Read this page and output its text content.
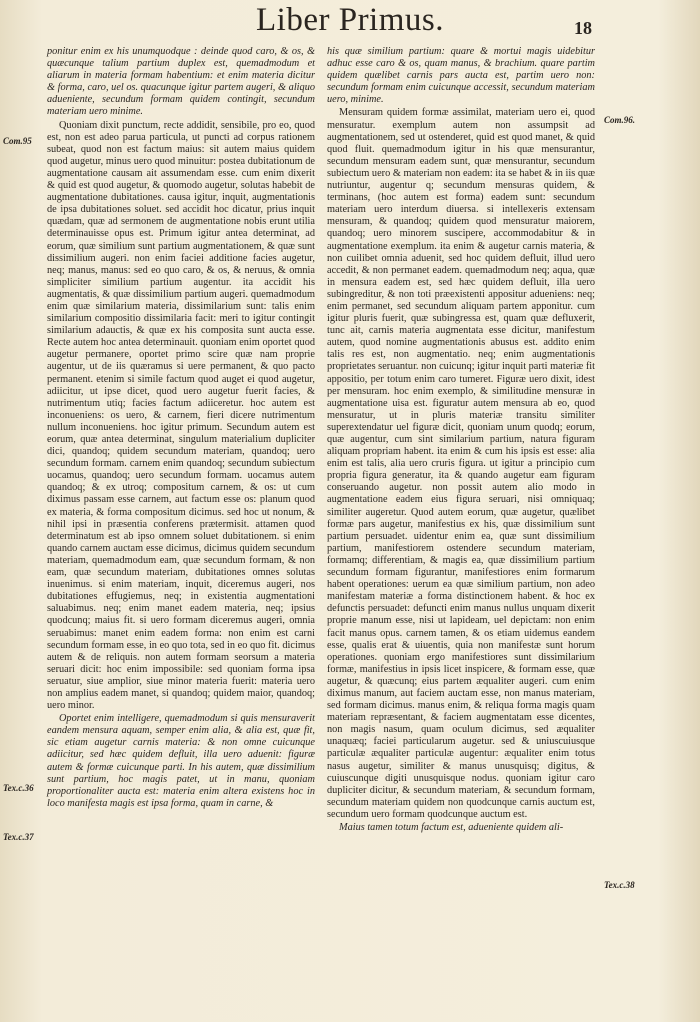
Liber Primus.	18
Com.95
Com.96.
Tex.c.36
Tex.c.37
Tex.c.38

ponitur enim ex his unumquodque : deinde quod caro, & os, & quæcunque talium partium duplex est, quemadmodum et aliarum in materia formam habentium: et enim materia dicitur & forma, caro, uel os. quacunque igitur partem augeri, & aliquo adueniente, secundum formam quidem contingit, secundum materiam uero minime.

Quoniam dixit punctum, recte addidit, sensibile, pro eo, quod est, non est adeo parua particula, ut puncti ad corpus rationem subeat, quod non est factum maius: sit autem maius quidem quod augetur, minus uero quod minuitur: postea dubitationum de augmentatione causam ait assumendam esse. cum enim dixerit & quid est quod augetur, & quomodo augetur, solutas habebit de augmentatione dubitationes. causa igitur, inquit, augmentationis de ipsa dubitationes soluet. sed accidit hoc dicatur, prius inquit quædam, quæ ad sermonem de augmentatione nobis erunt utilia determinauisse opus est. Primum igitur antea determinat, ad eorum, quæ similium sunt partium augmentationem, & quæ sunt dissimilium augeri. non enim faciei additione facies augetur, neq; manus, manus: sed eo quo caro, & os, & neruus, & omnia simpliciter similium partium augentur. ita accidit his augmentatis, & quæ dissimilium partium augeri. quemadmodum enim quæ similarium materia, dissimilarium sunt: talis enim similarium compositio dissimilaria facit: meri to igitur contingit similarium adauctis, & quæ ex his composita sunt aucta esse. Recte autem hoc antea determinauit. quoniam enim oportet quod augetur permanere, oportet primo scire quæ nam proprie augentur, ut de iis quæramus si uere permanent, & quo pacto permanent. etenim si simile factum quod auget ei quod augetur, adiicitur, ut ipse dicet, quod uero augetur fuerit facies, & nutrimentum utiq; facies factum adiiceretur. hoc autem est inconueniens: os uero, & carnem, fieri dicere nutrimentum nullum inconueniens. hoc igitur primum. Secundum autem est eorum, quæ antea determinat, singulum materialium dupliciter dici, quandoq; quidem secundum materiam, quandoq; uero secundum formam. carnem enim quandoq; secundum subiectum uocamus, quandoq; uero secundum formam. uocamus autem quandoq; & ex utroq; compositum carnem, & os: ut cum diximus passam esse carnem, aut factum esse os: planum quod ex materia, & forma compositum dicimus. sed hoc ut nonum, & nihil ipsi in præsentia conferens prætermisit. attamen quod determinatum est ab ipso omnem soluet dubitationem. si enim quando carnem auctam esse dicimus, dicimus quidem secundum materiam, quemadmodum eam, quæ secundum formam, & non eam, quæ secundum materiam, dubitationes omnes solutas inuenimus. si enim materiam, inquit, diceremus augeri, nos dubitationes effugiemus, neq; in existentia augmentationi saluabimus. neq; enim manet eadem materia, neq; ipsius quodcunq; maius fit. si uero formam diceremus augeri, omnia seruabimus: manet enim eadem forma: non enim est carni secundum formam esse, in eo quo tota, sed in eo quo fit. dicimus autem & de reliquis. non autem formam seorsum a materia seruari dicit: hoc enim impossibile: sed quoniam forma ipsa seruatur, siue amplior, siue minor materia fuerit: materia uero non amplius eadem manet, si quandoq; quidem maior, quandoq; uero minor.

Oportet enim intelligere, quemadmodum si quis mensuraverit eandem mensura aquam, semper enim alia, & alia est, quæ fit, sic etiam augetur carnis materia: & non omne cuicunque adiicitur, sed hæc quidem defluit, illa uero aduenit: figuræ autem & formæ cuicunque parti. In his autem, quæ dissimilium sunt partium, hoc magis patet, ut in manu, quoniam proportionaliter aucta est: materia enim altera existens hoc in loco manifesta magis est ipsa forma, quam in carne, &

his quæ similium partium: quare & mortui magis uidebitur adhuc esse caro & os, quam manus, & brachium. quare partim quidem quælibet carnis pars aucta est, partim uero non: secundum formam enim cuicunque accessit, secundum materiam uero, minime.

Mensuram quidem formæ assimilat, materiam uero ei, quod mensuratur. exemplum autem non assumpsit ad augmentationem, sed ut ostenderet, quid est quod manet, & quid quod fluit. quemadmodum igitur in his quæ mensurantur, secundum mensuram eadem sunt, quæ mensurantur, secundum subiectum uero & materiam non eadem: ita se habet & in iis quæ nutriuntur, augentur q; secundum mensuras quidem, & terminans, (hoc autem est forma) eadem sunt: secundum materiam uero interdum diuersa. si intellexeris extensam mensuram, & quandoq; quidem quod mensuratur maiorem, quandoq; uero minorem suscipere, accommodabitur & in augmentatione exemplum. ita enim & augetur carnis materia, & non cuilibet omnia aduenit, sed hoc quidem defluit, illud uero accedit, & non permanet eadem. quemadmodum neq; aqua, quæ in mensura eadem est, sed hæc quidem defluit, illa uero subingreditur, & non toti præexistenti appositur adueniens: neq; enim permanet, sed secundum aliquam partem apponitur. cum igitur pluris fuerit, quæ subingressa est, quam quæ defluxerit, tunc ait, carnis materia augmentata esse dicitur, manifestum autem, quod nomine augmentationis abusus est. addito enim talis res est, non augmentatio. neq; enim augmentationis proprietates seruantur. non cuicunq; igitur inquit parti materiæ fit appositio, per totum enim caro tumeret. Figuræ uero dixit, idest per mensuram. hoc enim exemplo, & similitudine mensuræ in augmentatione uisa est. figuratur autem mensura ab eo, quod mensuratur, ut in pluris materiæ transitu similiter superextendatur uel figuræ dicit, quoniam unum quodq; eorum, quæ augentur, cum sint similarium partium, natura figuram aliquam propriam habent. ita enim & cum his ipsis est esse: alia enim est talis, alia uero cruris figura. ut igitur a principio cum propria figura generatur, ita & quando augetur eam figuram conseruando augetur. non possit autem alio modo in augmentatione eadem eius figura seruari, nisi omniquaq; similiter augeretur. Quod autem eorum, quæ augetur, quælibet formæ pars augetur, manifestius ex his, quæ dissimilium sunt partium persuadet. uidentur enim ea, quæ sunt dissimilium partium, manifestiorem ostendere secundum materiam, formamq; differentiam, & magis ea, quæ dissimilium partium secundum formam figurantur, manifestiores enim formarum habent operationes: uerum ea quæ similium partium, non adeo manifestam materiæ a forma distinctionem habent. & hoc ex defunctis persuadet: defuncti enim manus nullus unquam dixerit proprie manum esse, nisi ut lapideam, uel depictam: non enim facit manus opus. carnem tamen, & os etiam uidemus eandem esse, qualis erat & uiuentis, quia non manifestæ sunt horum operationes. quoniam ergo manifestiores sunt dissimilarium formæ, manifestius in ipsis licet inspicere, & formam esse, quæ augetur, & quæcunq; eius partem æqualiter augeri. cum enim diximus manum, aut faciem auctam esse, non manus materiam, sed formam dicimus. manus enim, & reliqua forma magis quam materiam repræsentant, & faciem augmentatam esse dicentes, non magis nasum, quam oculum dicimus, sed æqualiter unaquæq; faciei particularum augetur. sed & uniuscuiusque particulæ æqualiter particulæ augentur: æqualiter enim totus nasus augetur, similiter & manus unusquisq; digitus, & cuiuscunque digiti unusquisque nodus. quoniam igitur caro dupliciter dicitur, & secundum materiam, & secundum formam, secundum materiam quidem non quodcunque carnis auctum est, secundum uero formam quodcunque auctum est.

Maius tamen totum factum est, adueniente quidem ali-
